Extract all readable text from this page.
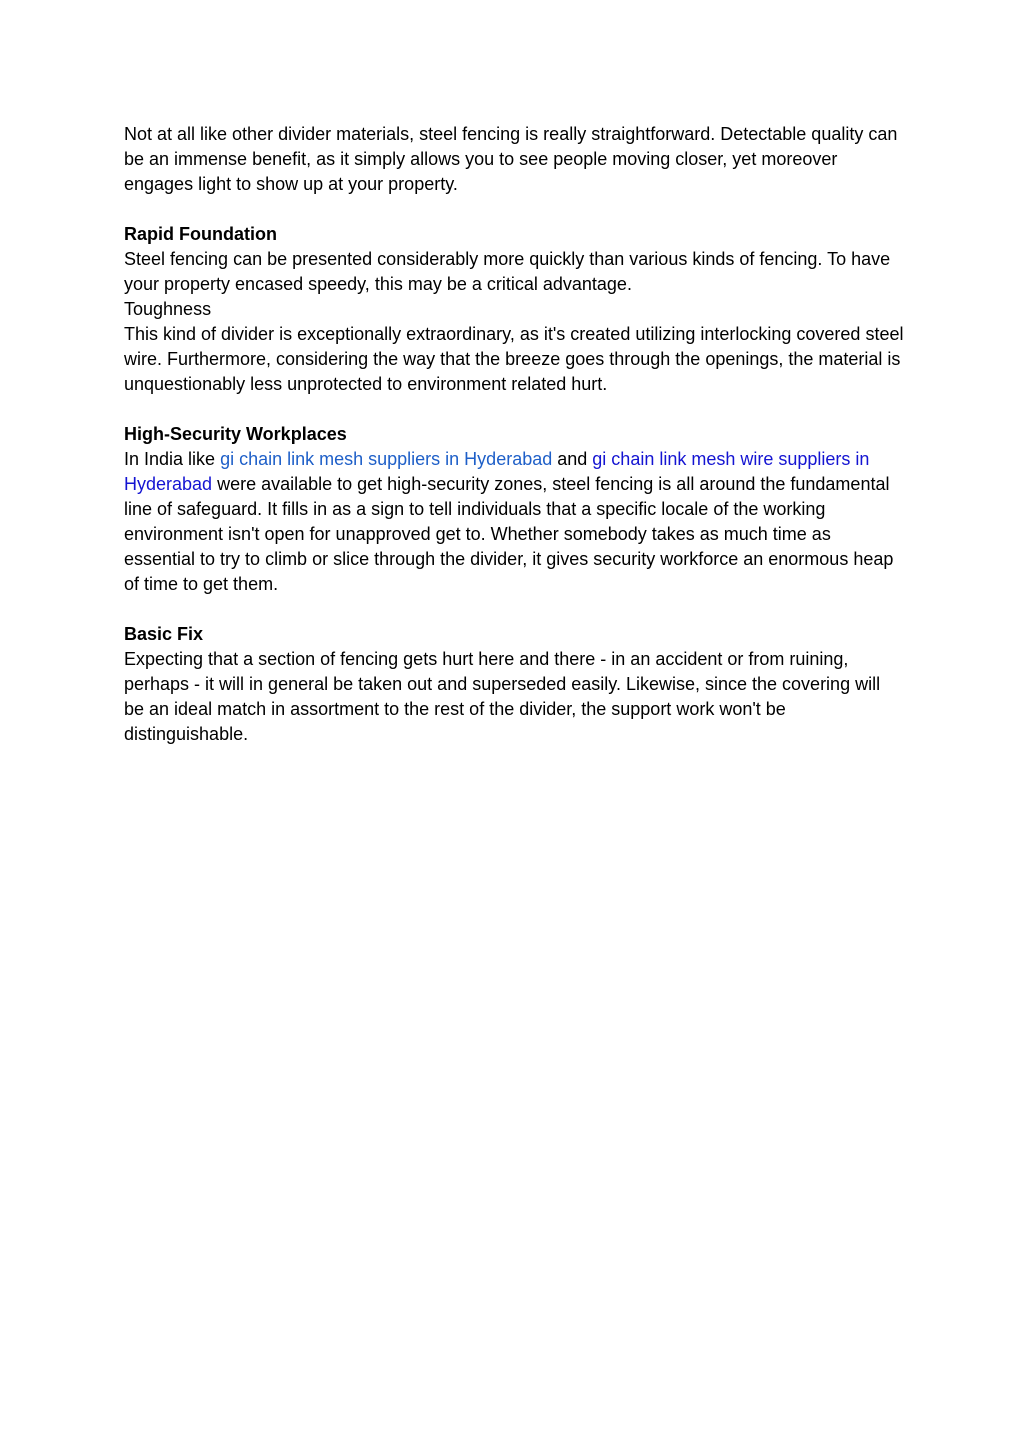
Not at all like other divider materials, steel fencing is really straightforward. Detectable quality can be an immense benefit, as it simply allows you to see people moving closer, yet moreover engages light to show up at your property.

Rapid Foundation

Steel fencing can be presented considerably more quickly than various kinds of fencing. To have your property encased speedy, this may be a critical advantage.

Toughness

This kind of divider is exceptionally extraordinary, as it's created utilizing interlocking covered steel wire. Furthermore, considering the way that the breeze goes through the openings, the material is unquestionably less unprotected to environment related hurt.

High-Security Workplaces

In India like gi chain link mesh suppliers in Hyderabad and gi chain link mesh wire suppliers in Hyderabad were available to get high-security zones, steel fencing is all around the fundamental line of safeguard. It fills in as a sign to tell individuals that a specific locale of the working environment isn't open for unapproved get to. Whether somebody takes as much time as essential to try to climb or slice through the divider, it gives security workforce an enormous heap of time to get them.

Basic Fix

Expecting that a section of fencing gets hurt here and there - in an accident or from ruining, perhaps - it will in general be taken out and superseded easily. Likewise, since the covering will be an ideal match in assortment to the rest of the divider, the support work won't be distinguishable.
